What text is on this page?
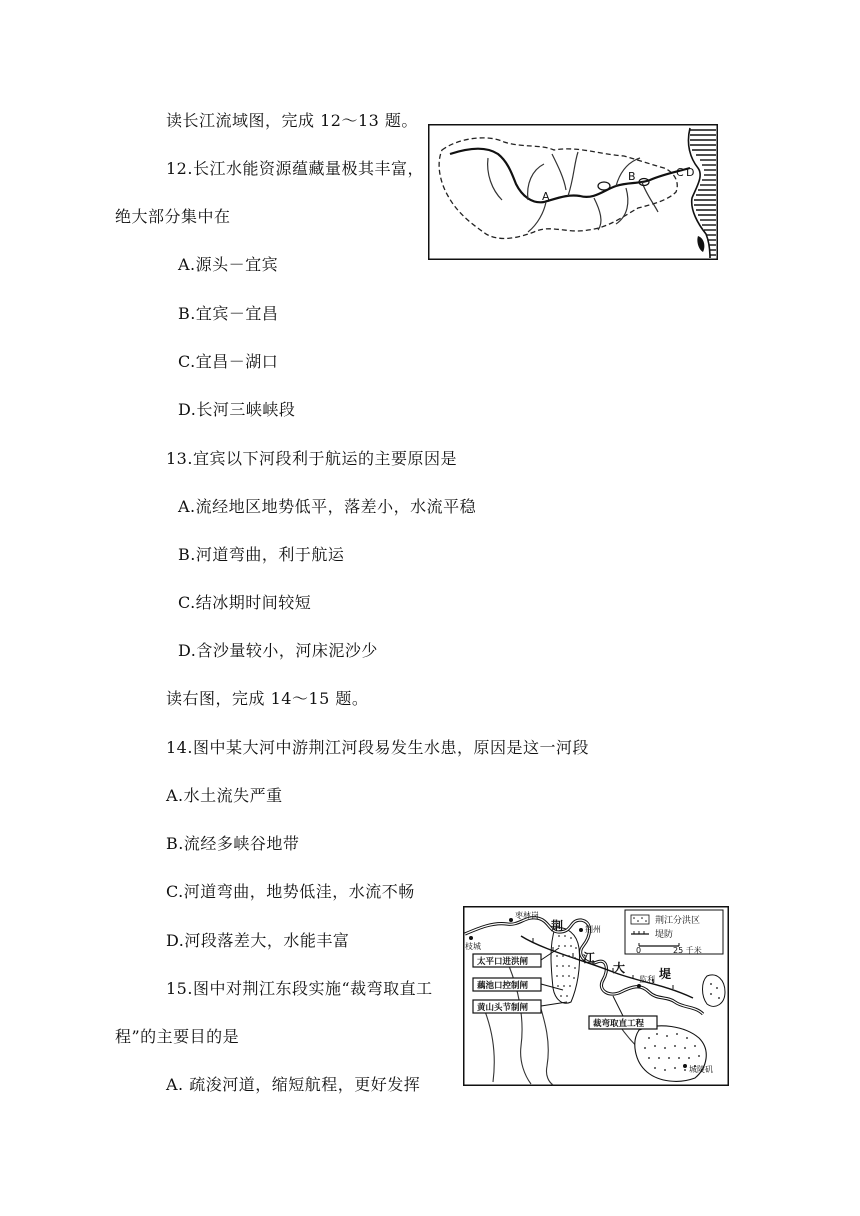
读长江流域图，完成 12～13 题。
12.长江水能资源蕴藏量极其丰富，
绝大部分集中在
A.源头－宜宾
B.宜宾－宜昌
C.宜昌－湖口
D.长河三峡峡段
13.宜宾以下河段利于航运的主要原因是
A.流经地区地势低平，落差小，水流平稳
B.河道弯曲，利于航运
C.结冰期时间较短
D.含沙量较小，河床泥沙少
读右图，完成 14～15 题。
14.图中某大河中游荆江河段易发生水患，原因是这一河段
A.水土流失严重
B.流经多峡谷地带
C.河道弯曲，地势低洼，水流不畅
D.河段落差大，水能丰富
15.图中对荆江东段实施“裁弯取直工
程”的主要目的是
A. 疏浚河道，缩短航程，更好发挥
A
B	C D
荆江分洪区
堤防
0	25 千米
枣林岗
枝城
荆州
监利
城陵矶
荆
江
大	堤
太平口进洪闸
藕池口控制闸
黄山头节制闸
裁弯取直工程
